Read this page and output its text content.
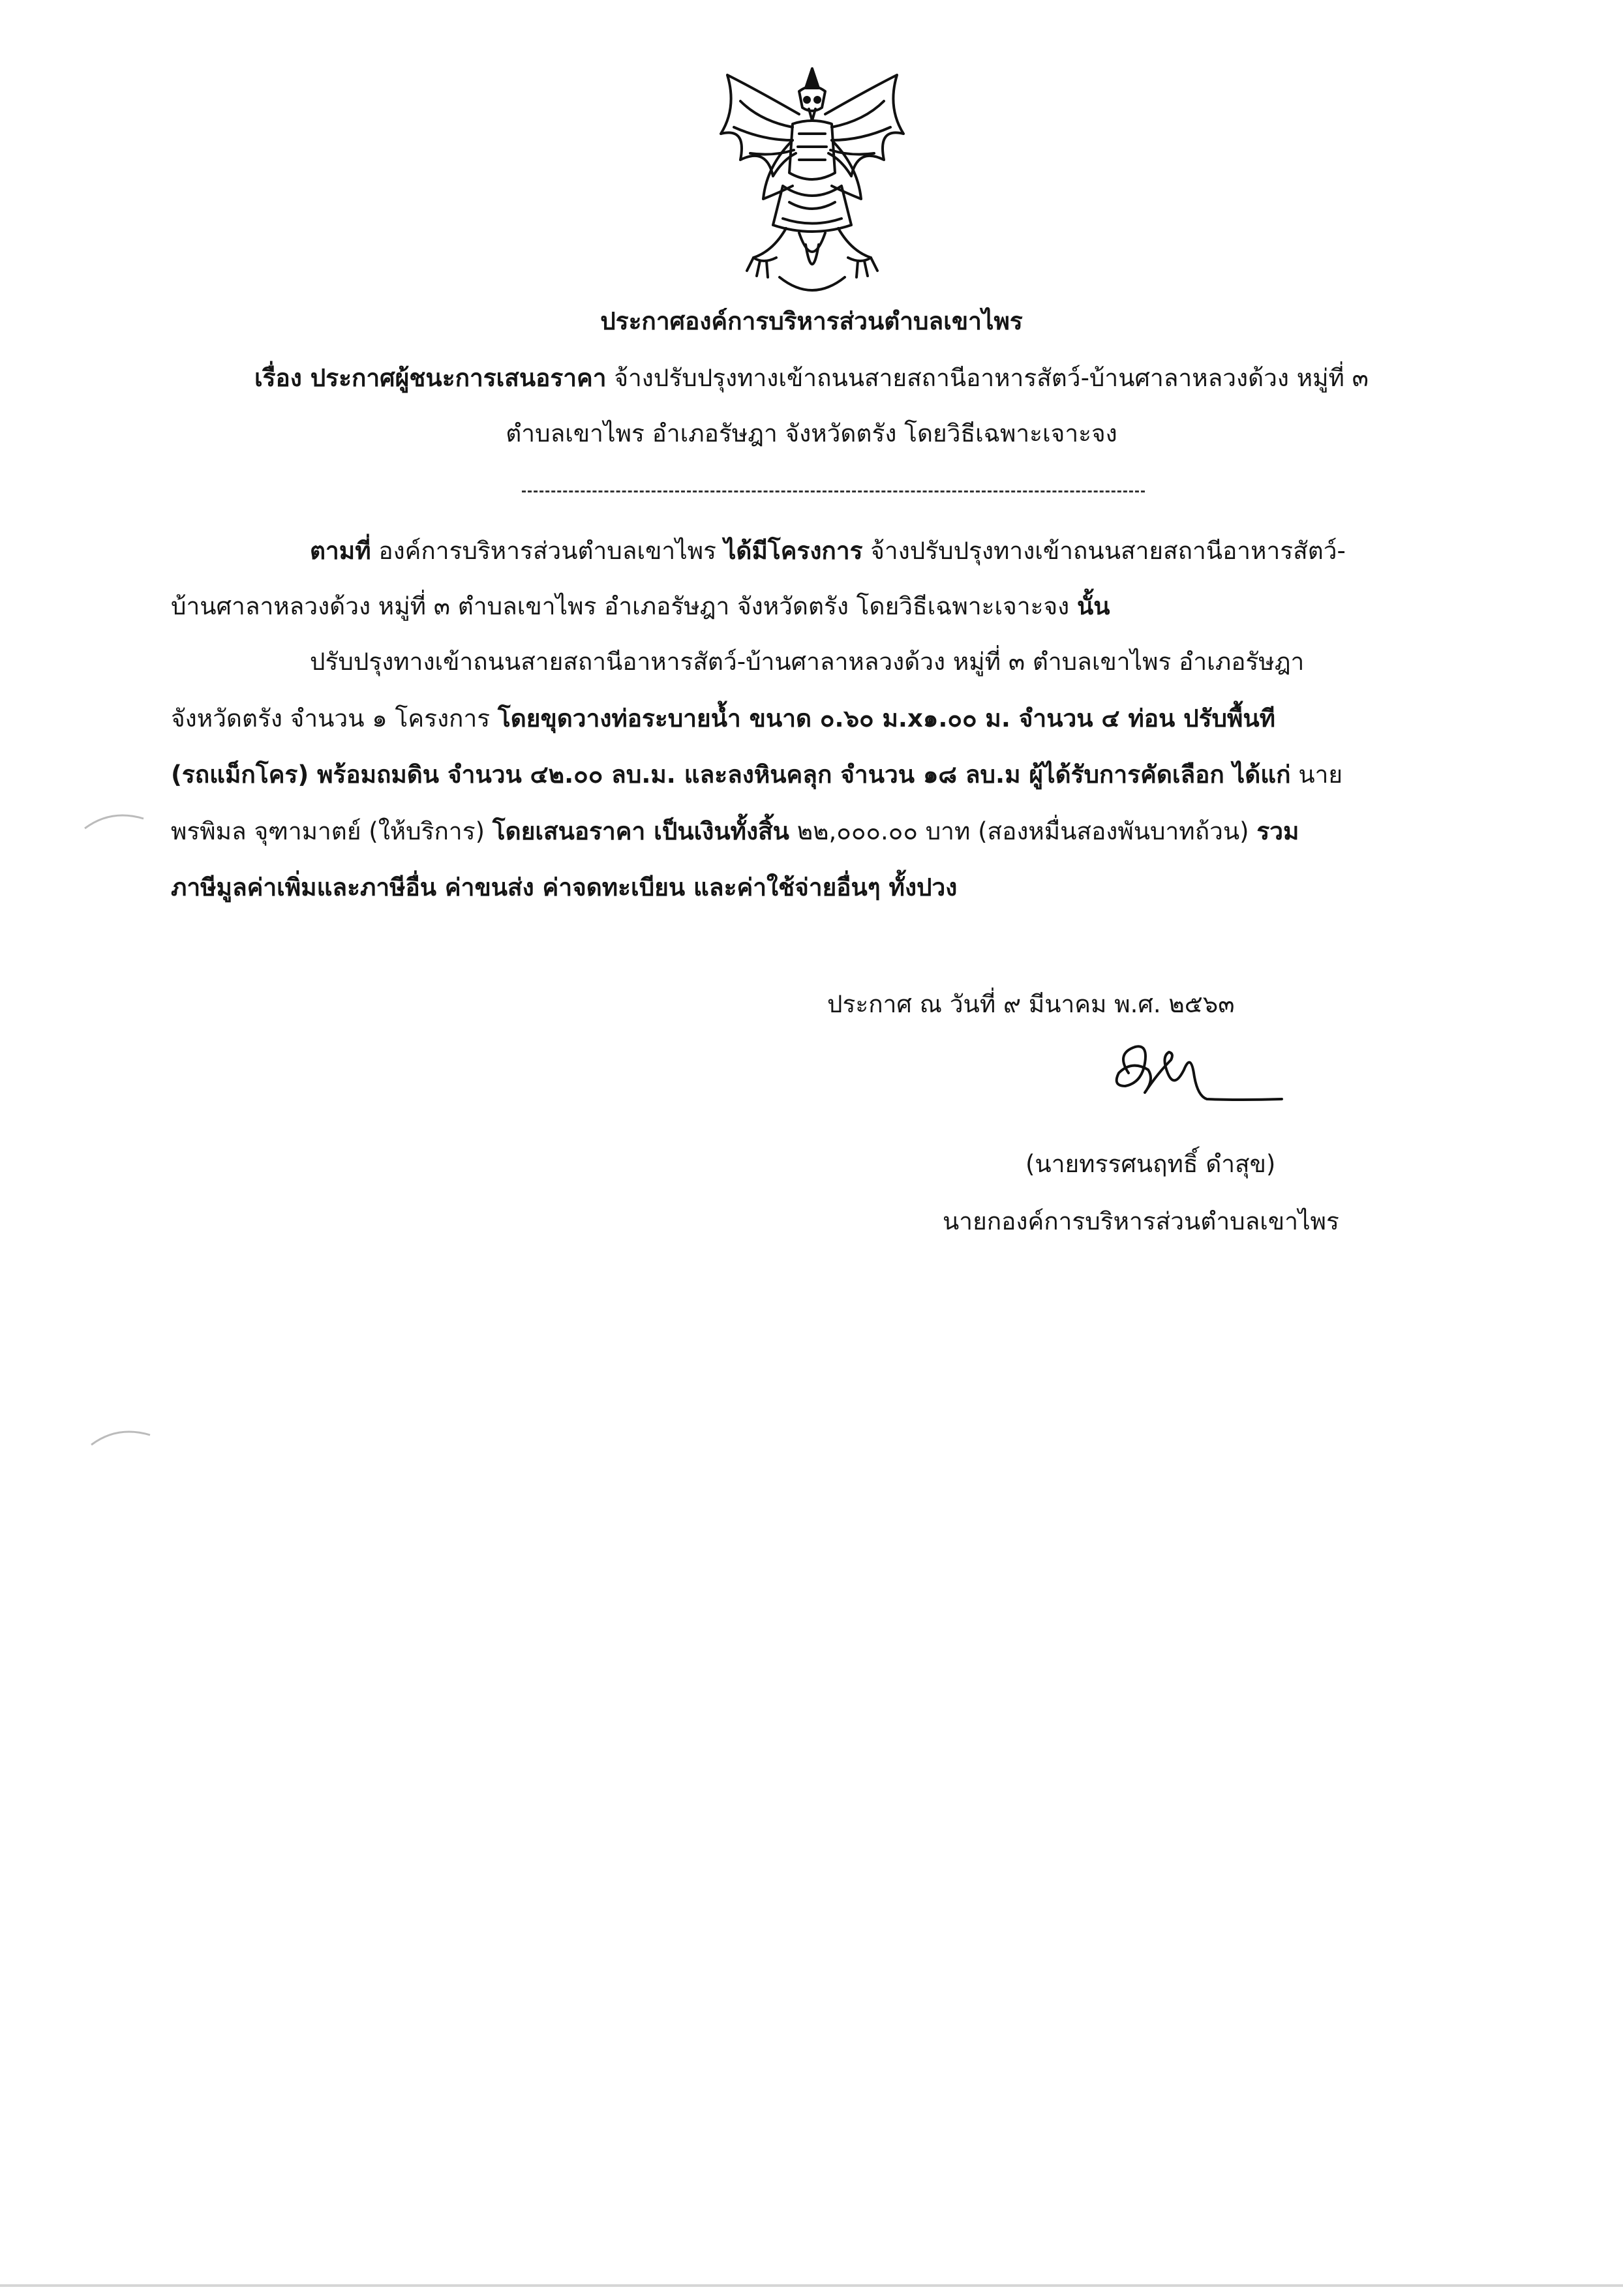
ประกาศองค์การบริหารส่วนตำบลเขาไพร
เรื่อง ประกาศผู้ชนะการเสนอราคา จ้างปรับปรุงทางเข้าถนนสายสถานีอาหารสัตว์-บ้านศาลาหลวงด้วง หมู่ที่ ๓
ตำบลเขาไพร อำเภอรัษฎา จังหวัดตรัง โดยวิธีเฉพาะเจาะจง
ตามที่ องค์การบริหารส่วนตำบลเขาไพร ได้มีโครงการ จ้างปรับปรุงทางเข้าถนนสายสถานีอาหารสัตว์-
บ้านศาลาหลวงด้วง หมู่ที่ ๓ ตำบลเขาไพร อำเภอรัษฎา จังหวัดตรัง โดยวิธีเฉพาะเจาะจง นั้น
ปรับปรุงทางเข้าถนนสายสถานีอาหารสัตว์-บ้านศาลาหลวงด้วง หมู่ที่ ๓ ตำบลเขาไพร อำเภอรัษฎา
จังหวัดตรัง จำนวน ๑ โครงการ โดยขุดวางท่อระบายน้ำ ขนาด ๐.๖๐ ม.x๑.๐๐ ม. จำนวน ๔ ท่อน ปรับพื้นที
(รถแม็กโคร) พร้อมถมดิน จำนวน ๔๒.๐๐ ลบ.ม. และลงหินคลุก จำนวน ๑๘ ลบ.ม ผู้ได้รับการคัดเลือก ได้แก่ นาย
พรพิมล จุฑามาตย์ (ให้บริการ) โดยเสนอราคา เป็นเงินทั้งสิ้น ๒๒,๐๐๐.๐๐ บาท (สองหมื่นสองพันบาทถ้วน) รวม
ภาษีมูลค่าเพิ่มและภาษีอื่น ค่าขนส่ง ค่าจดทะเบียน และค่าใช้จ่ายอื่นๆ ทั้งปวง
ประกาศ ณ วันที่ ๙ มีนาคม พ.ศ. ๒๕๖๓
(นายทรรศนฤทธิ์ ดำสุข)
นายกองค์การบริหารส่วนตำบลเขาไพร
